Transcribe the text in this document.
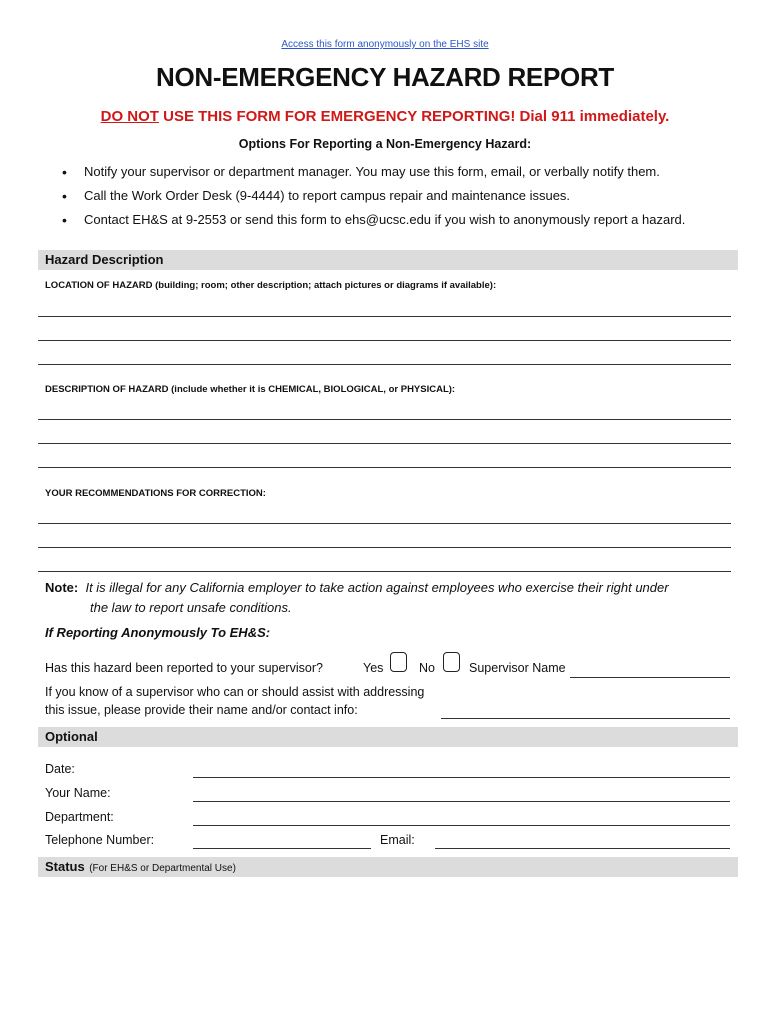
Access this form anonymously on the EHS site
NON-EMERGENCY HAZARD REPORT
DO NOT USE THIS FORM FOR EMERGENCY REPORTING! Dial 911 immediately.
Options For Reporting a Non-Emergency Hazard:
• Notify your supervisor or department manager. You may use this form, email, or verbally notify them.
• Call the Work Order Desk (9-4444) to report campus repair and maintenance issues.
• Contact EH&S at 9-2553 or send this form to ehs@ucsc.edu if you wish to anonymously report a hazard.
Hazard Description
LOCATION OF HAZARD (building; room; other description; attach pictures or diagrams if available):
DESCRIPTION OF HAZARD (include whether it is CHEMICAL, BIOLOGICAL, or PHYSICAL):
YOUR RECOMMENDATIONS FOR CORRECTION:
Note: It is illegal for any California employer to take action against employees who exercise their right under
the law to report unsafe conditions.
If Reporting Anonymously To EH&S:
Has this hazard been reported to your supervisor?	Yes	No	Supervisor Name
If you know of a supervisor who can or should assist with addressing
this issue, please provide their name and/or contact info:
Optional
Date:
Your Name:
Department:
Telephone Number:	Email:
Status (For EH&S or Departmental Use)
